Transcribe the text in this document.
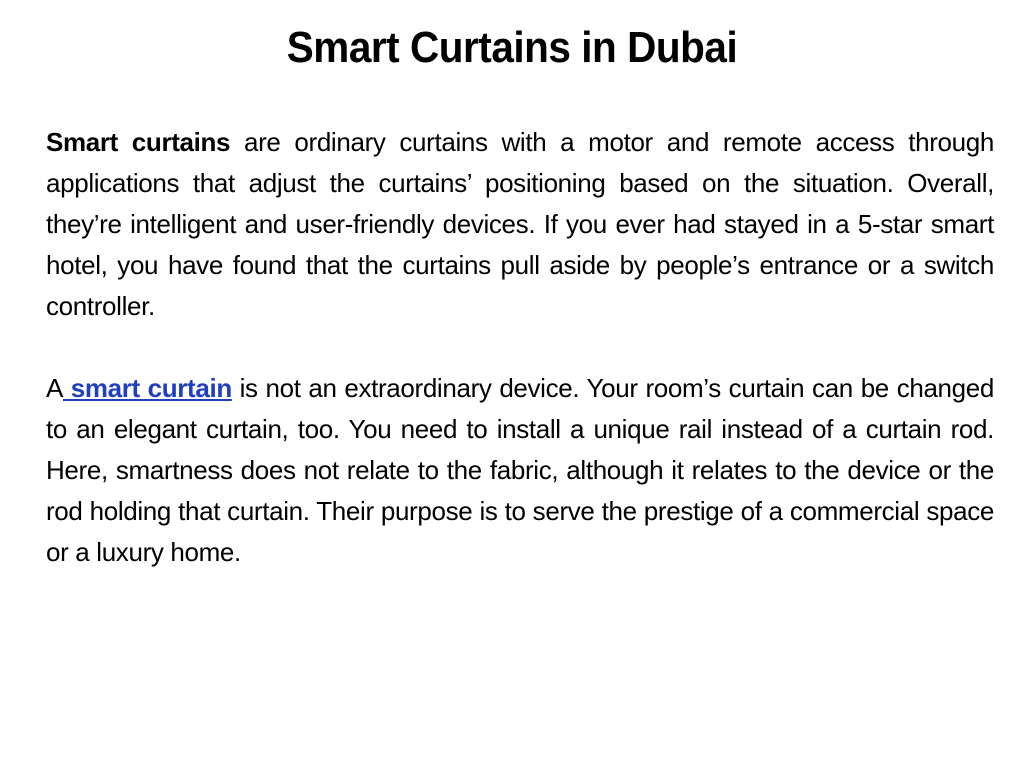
Smart Curtains in Dubai

Smart curtains are ordinary curtains with a motor and remote access through applications that adjust the curtains’ positioning based on the situation. Overall, they’re intelligent and user-friendly devices. If you ever had stayed in a 5-star smart hotel, you have found that the curtains pull aside by people’s entrance or a switch controller.

A smart curtain is not an extraordinary device. Your room’s curtain can be changed to an elegant curtain, too. You need to install a unique rail instead of a curtain rod. Here, smartness does not relate to the fabric, although it relates to the device or the rod holding that curtain. Their purpose is to serve the prestige of a commercial space or a luxury home.
